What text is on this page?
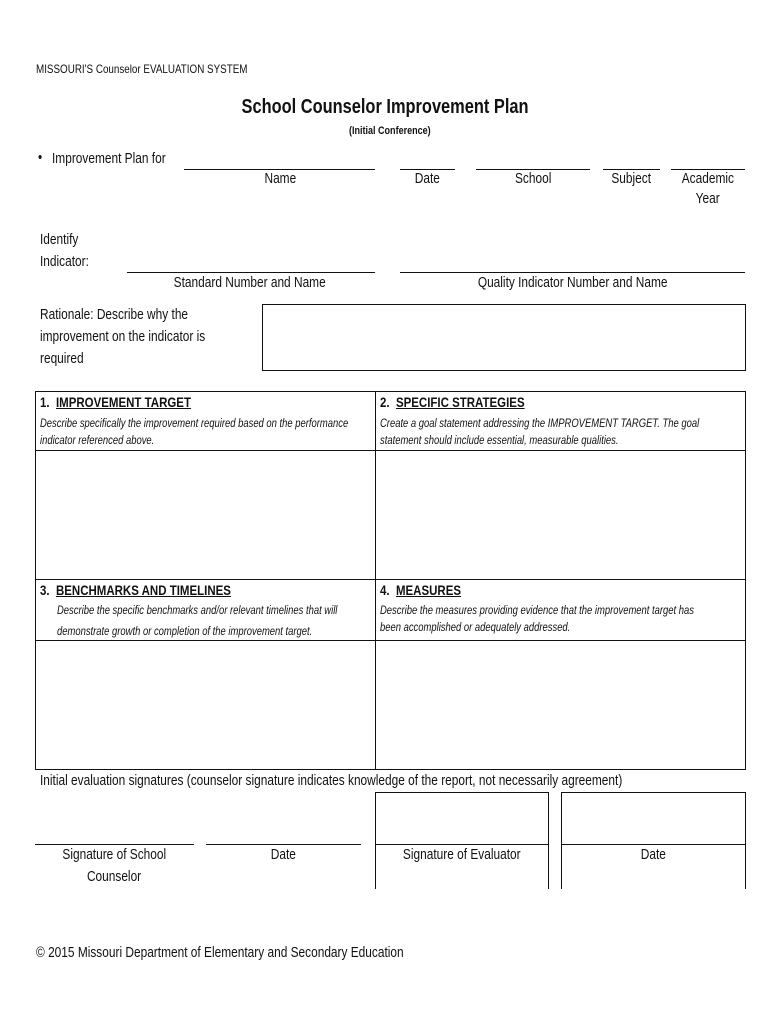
MISSOURI'S Counselor EVALUATION SYSTEM
School Counselor Improvement Plan
(Initial Conference)
• Improvement Plan for
Name	Date	School	Subject	Academic
Year
Identify
Indicator:
Standard Number and Name	Quality Indicator Number and Name
Rationale: Describe why the
improvement on the indicator is
required
1. IMPROVEMENT TARGET
Describe specifically the improvement required based on the performance indicator referenced above.
2. SPECIFIC STRATEGIES
Create a goal statement addressing the IMPROVEMENT TARGET. The goal statement should include essential, measurable qualities.
3. BENCHMARKS AND TIMELINES
Describe the specific benchmarks and/or relevant timelines that will
demonstrate growth or completion of the improvement target.
4. MEASURES
Describe the measures providing evidence that the improvement target has been accomplished or adequately addressed.
Initial evaluation signatures (counselor signature indicates knowledge of the report, not necessarily agreement)
Signature of School
Counselor
Date	Signature of Evaluator	Date
© 2015 Missouri Department of Elementary and Secondary Education
